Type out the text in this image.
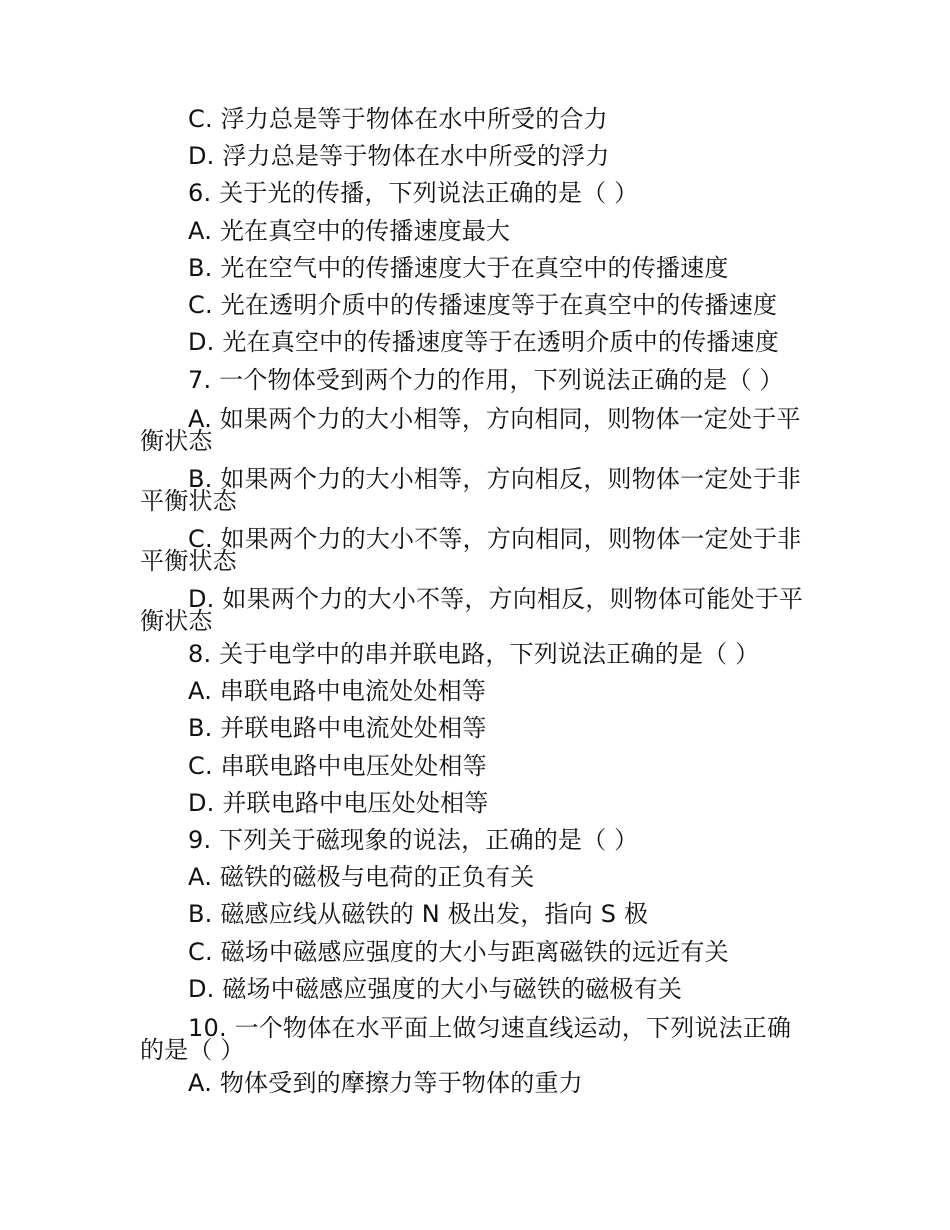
C. 浮力总是等于物体在水中所受的合力
D. 浮力总是等于物体在水中所受的浮力
6. 关于光的传播，下列说法正确的是（ ）
A. 光在真空中的传播速度最大
B. 光在空气中的传播速度大于在真空中的传播速度
C. 光在透明介质中的传播速度等于在真空中的传播速度
D. 光在真空中的传播速度等于在透明介质中的传播速度
7. 一个物体受到两个力的作用，下列说法正确的是（ ）
A. 如果两个力的大小相等，方向相同，则物体一定处于平衡状态
B. 如果两个力的大小相等，方向相反，则物体一定处于非平衡状态
C. 如果两个力的大小不等，方向相同，则物体一定处于非平衡状态
D. 如果两个力的大小不等，方向相反，则物体可能处于平衡状态
8. 关于电学中的串并联电路，下列说法正确的是（ ）
A. 串联电路中电流处处相等
B. 并联电路中电流处处相等
C. 串联电路中电压处处相等
D. 并联电路中电压处处相等
9. 下列关于磁现象的说法，正确的是（ ）
A. 磁铁的磁极与电荷的正负有关
B. 磁感应线从磁铁的 N 极出发，指向 S 极
C. 磁场中磁感应强度的大小与距离磁铁的远近有关
D. 磁场中磁感应强度的大小与磁铁的磁极有关
10. 一个物体在水平面上做匀速直线运动，下列说法正确的是（ ）
A. 物体受到的摩擦力等于物体的重力
